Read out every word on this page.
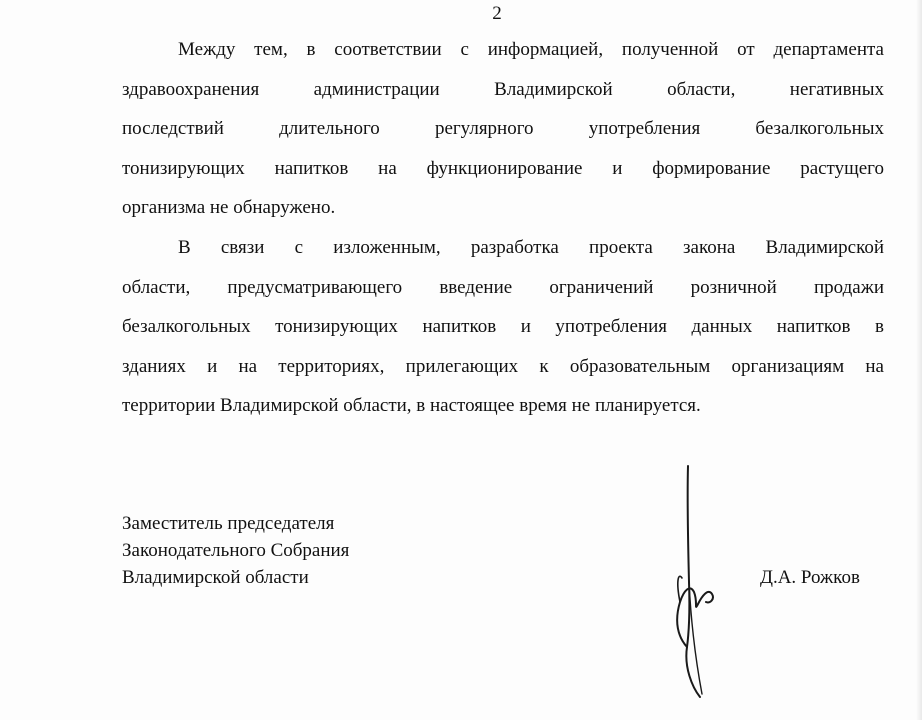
2
Между тем, в соответствии с информацией, полученной от департамента
здравоохранения администрации Владимирской области, негативных
последствий длительного регулярного употребления безалкогольных
тонизирующих напитков на функционирование и формирование растущего
организма не обнаружено.
В связи с изложенным, разработка проекта закона Владимирской
области, предусматривающего введение ограничений розничной продажи
безалкогольных тонизирующих напитков и употребления данных напитков в
зданиях и на территориях, прилегающих к образовательным организациям на
территории Владимирской области, в настоящее время не планируется.
Заместитель председателя
Законодательного Собрания
Владимирской области	Д.А. Рожков
